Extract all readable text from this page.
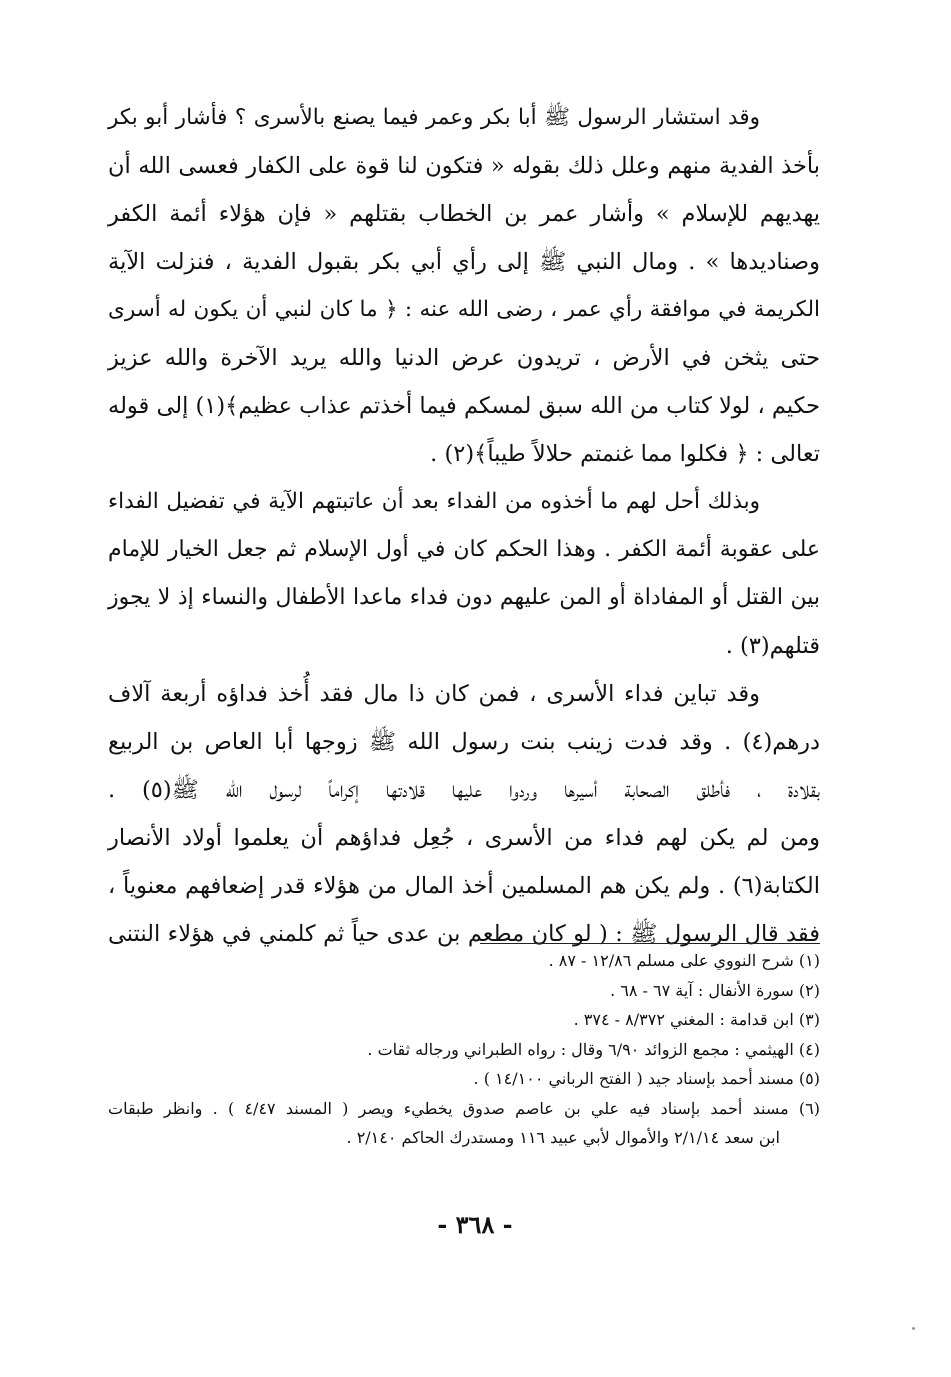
وقد استشار الرسول ﷺ أبا بكر وعمر فيما يصنع بالأسرى ؟ فأشار أبو بكر
بأخذ الفدية منهم وعلل ذلك بقوله « فتكون لنا قوة على الكفار فعسى الله أن
يهديهم للإسلام » وأشار عمر بن الخطاب بقتلهم « فإن هؤلاء أئمة الكفر
وصناديدها » . ومال النبي ﷺ إلى رأي أبي بكر بقبول الفدية ، فنزلت الآية
الكريمة في موافقة رأي عمر ، رضى الله عنه : ﴿ ما كان لنبي أن يكون له أسرى
حتى يثخن في الأرض ، تريدون عرض الدنيا والله يريد الآخرة والله عزيز
حكيم ، لولا كتاب من الله سبق لمسكم فيما أخذتم عذاب عظيم﴾(١) إلى قوله
تعالى : ﴿ فكلوا مما غنمتم حلالاً طيباً﴾(٢) .
وبذلك أحل لهم ما أخذوه من الفداء بعد أن عاتبتهم الآية في تفضيل الفداء
على عقوبة أئمة الكفر . وهذا الحكم كان في أول الإسلام ثم جعل الخيار للإمام
بين القتل أو المفاداة أو المن عليهم دون فداء ماعدا الأطفال والنساء إذ لا يجوز
قتلهم(٣) .
وقد تباين فداء الأسرى ، فمن كان ذا مال فقد أُخذ فداؤه أربعة آلاف
درهم(٤) . وقد فدت زينب بنت رسول الله ﷺ زوجها أبا العاص بن الربيع
بقلادة ، فأطلق الصحابة أسيرها وردوا عليها قلادتها إكراماً لرسول الله ﷺ(٥) .
ومن لم يكن لهم فداء من الأسرى ، جُعِل فداؤهم أن يعلموا أولاد الأنصار
الكتابة(٦) . ولم يكن هم المسلمين أخذ المال من هؤلاء قدر إضعافهم معنوياً ،
فقد قال الرسول ﷺ : ( لو كان مطعم بن عدى حياً ثم كلمني في هؤلاء النتنى
(١) شرح النووي على مسلم ١٢/٨٦ - ٨٧ .
(٢) سورة الأنفال : آية ٦٧ - ٦٨ .
(٣) ابن قدامة : المغني ٨/٣٧٢ - ٣٧٤ .
(٤) الهيثمي : مجمع الزوائد ٦/٩٠ وقال : رواه الطبراني ورجاله ثقات .
(٥) مسند أحمد بإسناد جيد ( الفتح الرباني ١٤/١٠٠ ) .
(٦) مسند أحمد بإسناد فيه علي بن عاصم صدوق يخطيء ويصر ( المسند ٤/٤٧ ) . وانظر طبقات
ابن سعد ٢/١/١٤ والأموال لأبي عبيد ١١٦ ومستدرك الحاكم ٢/١٤٠ .
- ٣٦٨ -
